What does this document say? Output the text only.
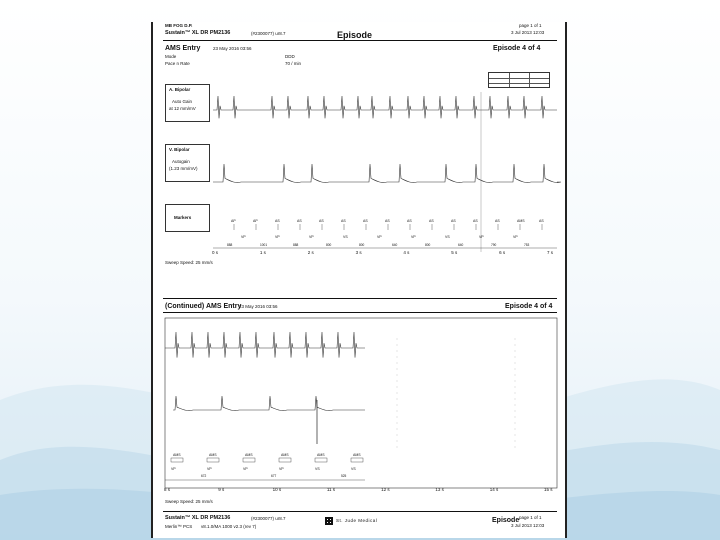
MB FOG D.P.
Sustain™ XL DR PM2136	(#2300077) ur8.7	Episode
page 1 of 1
3 Jul 2013 12:03
AMS Entry	23 May 2016 03:56	Episode 4 of 4
Mode	DDD
Pace n Rate	70 / min
A. Bipolar
Auto Gain
at 12 mm/mV
V. Bipolar
Autogain
(1.23 mm/mV)
Markers
AP	AP	AS	AS	AS	AS	AS	AS	AS	AS	AS	AS	AS	AMS	AS
VP	VP	VP	VS	VP	VP	VS	VP	VP
888	1001	888	800	800	640	800	640	790	753
0 s	1 s	2 s	3 s	4 s	5 s	6 s	7 s
Sweep Speed: 25 mm/s
(Continued) AMS Entry
23 May 2016 03:56	Episode 4 of 4
AMS	AMS	AMS	AMS	AMS	AMS
VP	VP	VP	VP	VS	VS
672	677	525
8 s	9 s	10 s	11 s	12 s	13 s	14 s	15 s
Sweep Speed: 25 mm/s
Sustain™ XL DR PM2136	(#2300077) ur8.7
Merlin™ PCS v8.1.0/MA 1000 v2.3 (rev 7)
St. Jude Medical	Episode page 1 of 1
3 Jul 2013 12:03
